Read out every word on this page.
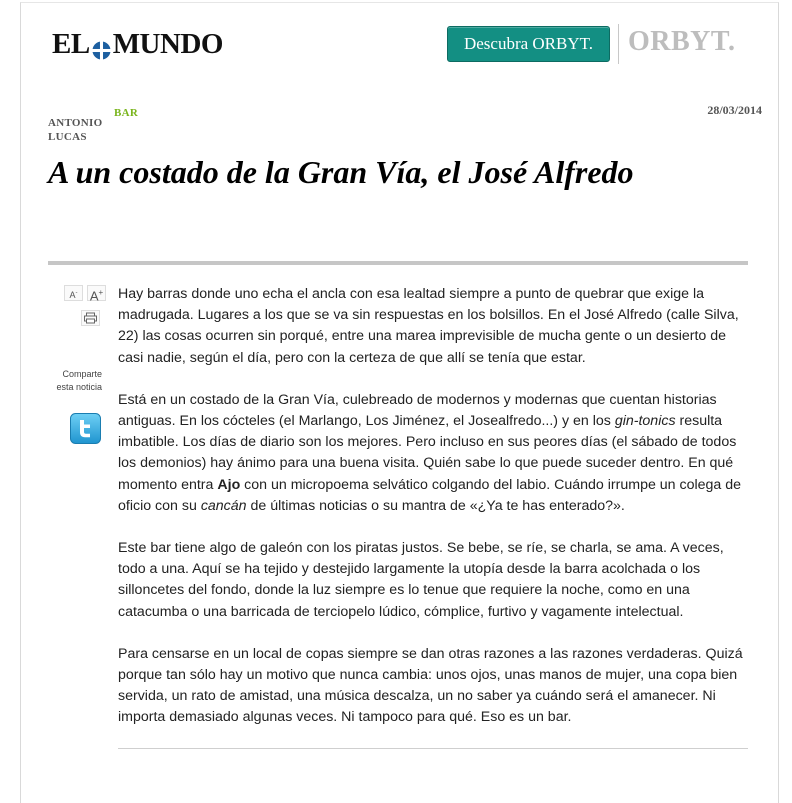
EL MUNDO	Descubra ORBYT.	ORBYT.
ANTONIO
LUCAS
BAR	28/03/2014
A un costado de la Gran Vía, el José Alfredo
A- A+
Comparte
esta noticia

Hay barras donde uno echa el ancla con esa lealtad siempre a punto de quebrar que exige la madrugada. Lugares a los que se va sin respuestas en los bolsillos. En el José Alfredo (calle Silva, 22) las cosas ocurren sin porqué, entre una marea imprevisible de mucha gente o un desierto de casi nadie, según el día, pero con la certeza de que allí se tenía que estar.

Está en un costado de la Gran Vía, culebreado de modernos y modernas que cuentan historias antiguas. En los cócteles (el Marlango, Los Jiménez, el Josealfredo...) y en los gin-tonics resulta imbatible. Los días de diario son los mejores. Pero incluso en sus peores días (el sábado de todos los demonios) hay ánimo para una buena visita. Quién sabe lo que puede suceder dentro. En qué momento entra Ajo con un micropoema selvático colgando del labio. Cuándo irrumpe un colega de oficio con su cancán de últimas noticias o su mantra de «¿Ya te has enterado?».

Este bar tiene algo de galeón con los piratas justos. Se bebe, se ríe, se charla, se ama. A veces, todo a una. Aquí se ha tejido y destejido largamente la utopía desde la barra acolchada o los silloncetes del fondo, donde la luz siempre es lo tenue que requiere la noche, como en una catacumba o una barricada de terciopelo lúdico, cómplice, furtivo y vagamente intelectual.

Para censarse en un local de copas siempre se dan otras razones a las razones verdaderas. Quizá porque tan sólo hay un motivo que nunca cambia: unos ojos, unas manos de mujer, una copa bien servida, un rato de amistad, una música descalza, un no saber ya cuándo será el amanecer. Ni importa demasiado algunas veces. Ni tampoco para qué. Eso es un bar.
